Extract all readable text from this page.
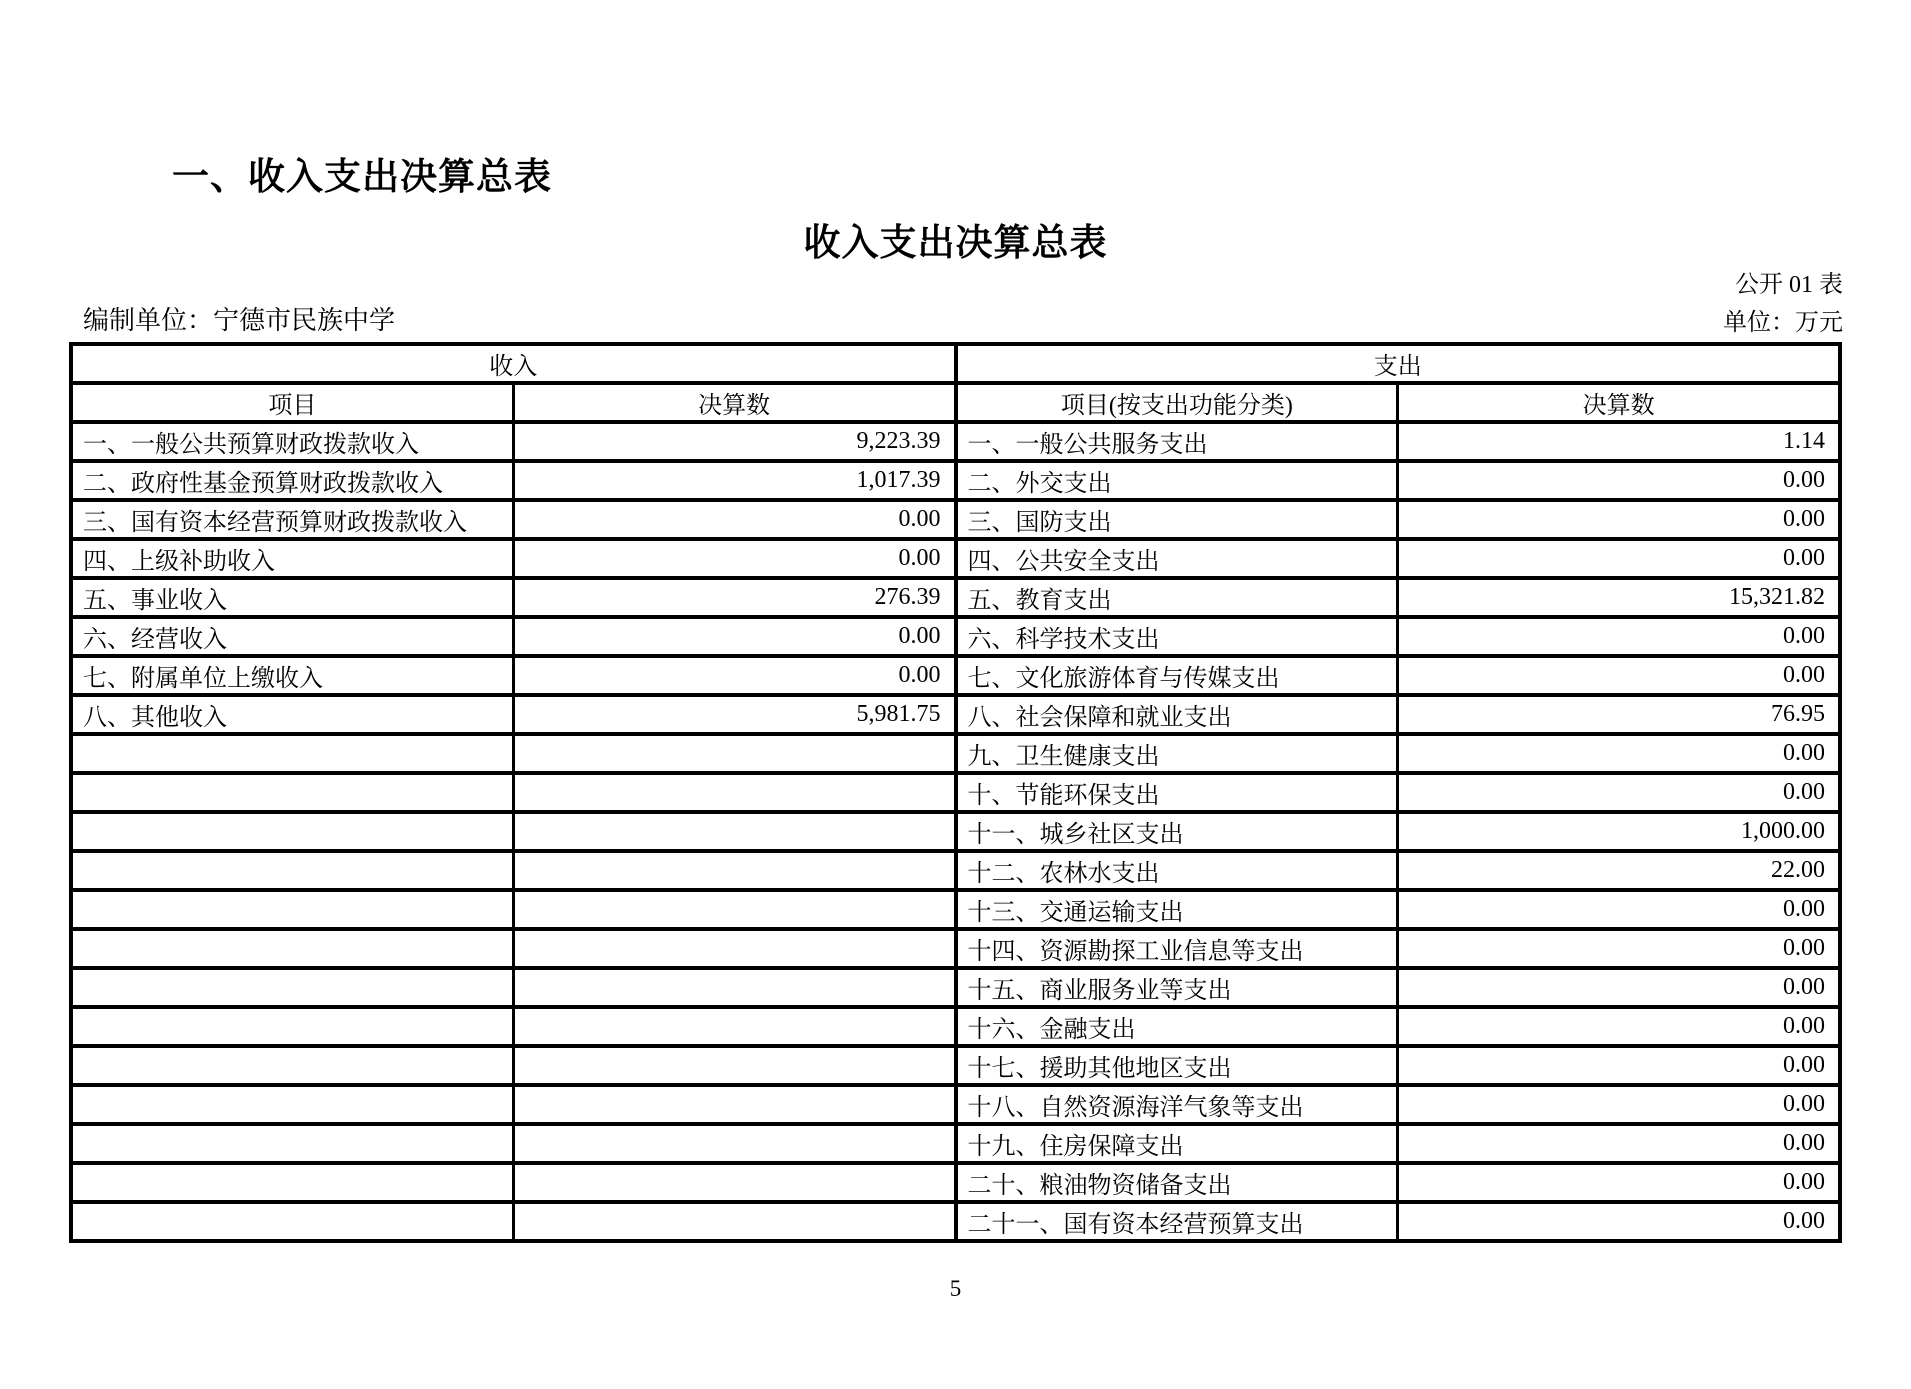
一、收入支出决算总表
收入支出决算总表
公开 01 表
编制单位：宁德市民族中学	单位：万元
收入		支出	
项目	决算数	项目(按支出功能分类)	决算数
一、一般公共预算财政拨款收入	9,223.39	一、一般公共服务支出	1.14
二、政府性基金预算财政拨款收入	1,017.39	二、外交支出	0.00
三、国有资本经营预算财政拨款收入	0.00	三、国防支出	0.00
四、上级补助收入	0.00	四、公共安全支出	0.00
五、事业收入	276.39	五、教育支出	15,321.82
六、经营收入	0.00	六、科学技术支出	0.00
七、附属单位上缴收入	0.00	七、文化旅游体育与传媒支出	0.00
八、其他收入	5,981.75	八、社会保障和就业支出	76.95
		九、卫生健康支出	0.00
		十、节能环保支出	0.00
		十一、城乡社区支出	1,000.00
		十二、农林水支出	22.00
		十三、交通运输支出	0.00
		十四、资源勘探工业信息等支出	0.00
		十五、商业服务业等支出	0.00
		十六、金融支出	0.00
		十七、援助其他地区支出	0.00
		十八、自然资源海洋气象等支出	0.00
		十九、住房保障支出	0.00
		二十、粮油物资储备支出	0.00
		二十一、国有资本经营预算支出	0.00
5
